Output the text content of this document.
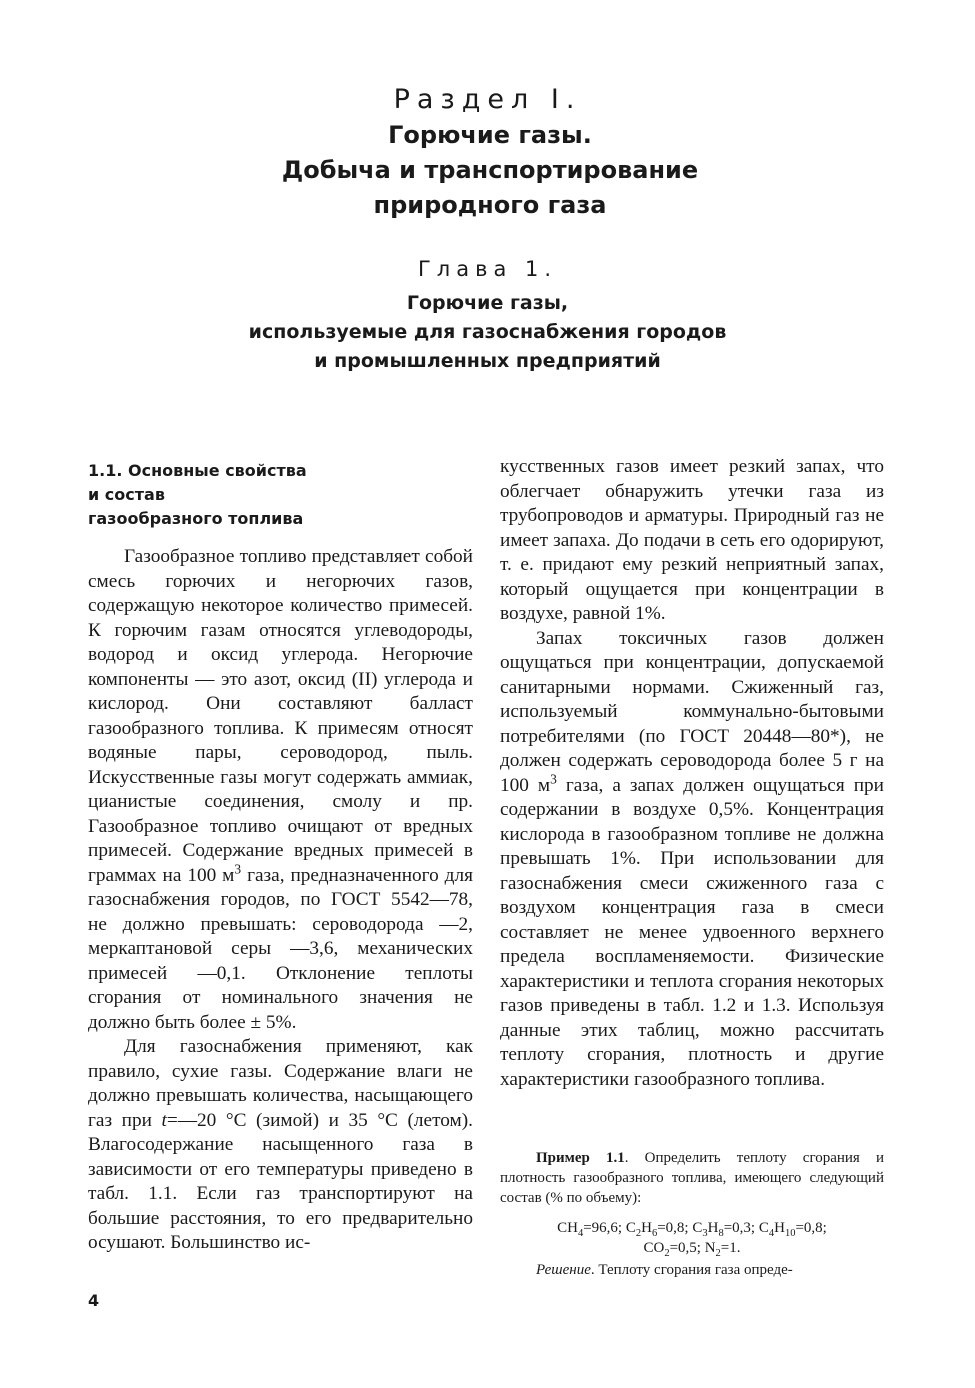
Раздел I.
Горючие газы.
Добыча и транспортирование
природного газа
Глава 1.
Горючие газы,
используемые для газоснабжения городов
и промышленных предприятий
1.1. Основные свойства
и состав
газообразного топлива

Газообразное топливо представляет собой смесь горючих и негорючих газов, содержащую некоторое количество примесей. К горючим газам относятся углеводороды, водород и оксид углерода. Негорючие компоненты — это азот, оксид (II) углерода и кислород. Они составляют балласт газообразного топлива. К примесям относят водяные пары, сероводород, пыль. Искусственные газы могут содержать аммиак, цианистые соединения, смолу и пр. Газообразное топливо очищают от вредных примесей. Содержание вредных примесей в граммах на 100 $м^3$ газа, предназначенного для газоснабжения городов, по ГОСТ 5542—78, не должно превышать: сероводорода —2, меркаптановой серы —3,6, механических примесей —0,1. Отклонение теплоты сгорания от номинального значения не должно быть более ± 5%.

Для газоснабжения применяют, как правило, сухие газы. Содержание влаги не должно превышать количества, насыщающего газ при t=—20 °С (зимой) и 35 °С (летом). Влагосодержание насыщенного газа в зависимости от его температуры приведено в табл. 1.1. Если газ транспортируют на большие расстояния, то его предварительно осушают. Большинство ис-

кусственных газов имеет резкий запах, что облегчает обнаружить утечки газа из трубопроводов и арматуры. Природный газ не имеет запаха. До подачи в сеть его одорируют, т. е. придают ему резкий неприятный запах, который ощущается при концентрации в воздухе, равной 1%.

Запах токсичных газов должен ощущаться при концентрации, допускаемой санитарными нормами. Сжиженный газ, используемый коммунально-бытовыми потребителями (по ГОСТ 20448—80*), не должен содержать сероводорода более 5 г на 100 $м^3$ газа, а запах должен ощущаться при содержании в воздухе 0,5%. Концентрация кислорода в газообразном топливе не должна превышать 1%. При использовании для газоснабжения смеси сжиженного газа с воздухом концентрация газа в смеси составляет не менее удвоенного верхнего предела воспламеняемости. Физические характеристики и теплота сгорания некоторых газов приведены в табл. 1.2 и 1.3. Используя данные этих таблиц, можно рассчитать теплоту сгорания, плотность и другие характеристики газообразного топлива.

Пример 1.1. Определить теплоту сгорания и плотность газообразного топлива, имеющего следующий состав (% по объему):

$CH_4=96,6$; $C_2H_6=0,8$; $C_3H_8=0,3$; $C_4H_{10}=0,8$;
$CO_2=0,5$; $N_2=1$.

Решение. Теплоту сгорания газа опреде-

4
